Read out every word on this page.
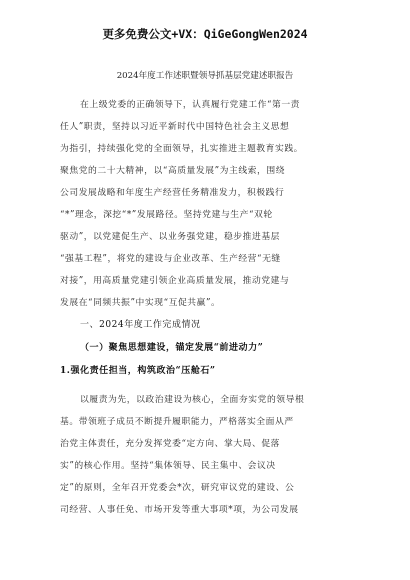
更多免费公文+VX：QiGeGongWen2024
2024年度工作述职暨领导抓基层党建述职报告
在上级党委的正确领导下，认真履行党建工作“第一责
任人”职责，坚持以习近平新时代中国特色社会主义思想
为指引，持续强化党的全面领导，扎实推进主题教育实践。
聚焦党的二十大精神，以“高质量发展”为主线索，围绕
公司发展战略和年度生产经营任务精准发力，积极践行
“*”理念，深挖“*”发展路径。坚持党建与生产“双轮
驱动”，以党建促生产、以业务强党建，稳步推进基层
“强基工程”，将党的建设与企业改革、生产经营“无缝
对接”，用高质量党建引领企业高质量发展，推动党建与
发展在“同频共振”中实现“互促共赢”。
一、2024年度工作完成情况
（一）聚焦思想建设，锚定发展“前进动力”
1.强化责任担当，构筑政治“压舱石”
以履责为先，以政治建设为核心，全面夯实党的领导根
基。带领班子成员不断提升履职能力，严格落实全面从严
治党主体责任，充分发挥党委“定方向、掌大局、促落
实”的核心作用。坚持“集体领导、民主集中、会议决
定”的原则，全年召开党委会*次，研究审议党的建设、公
司经营、人事任免、市场开发等重大事项*项，为公司发展
